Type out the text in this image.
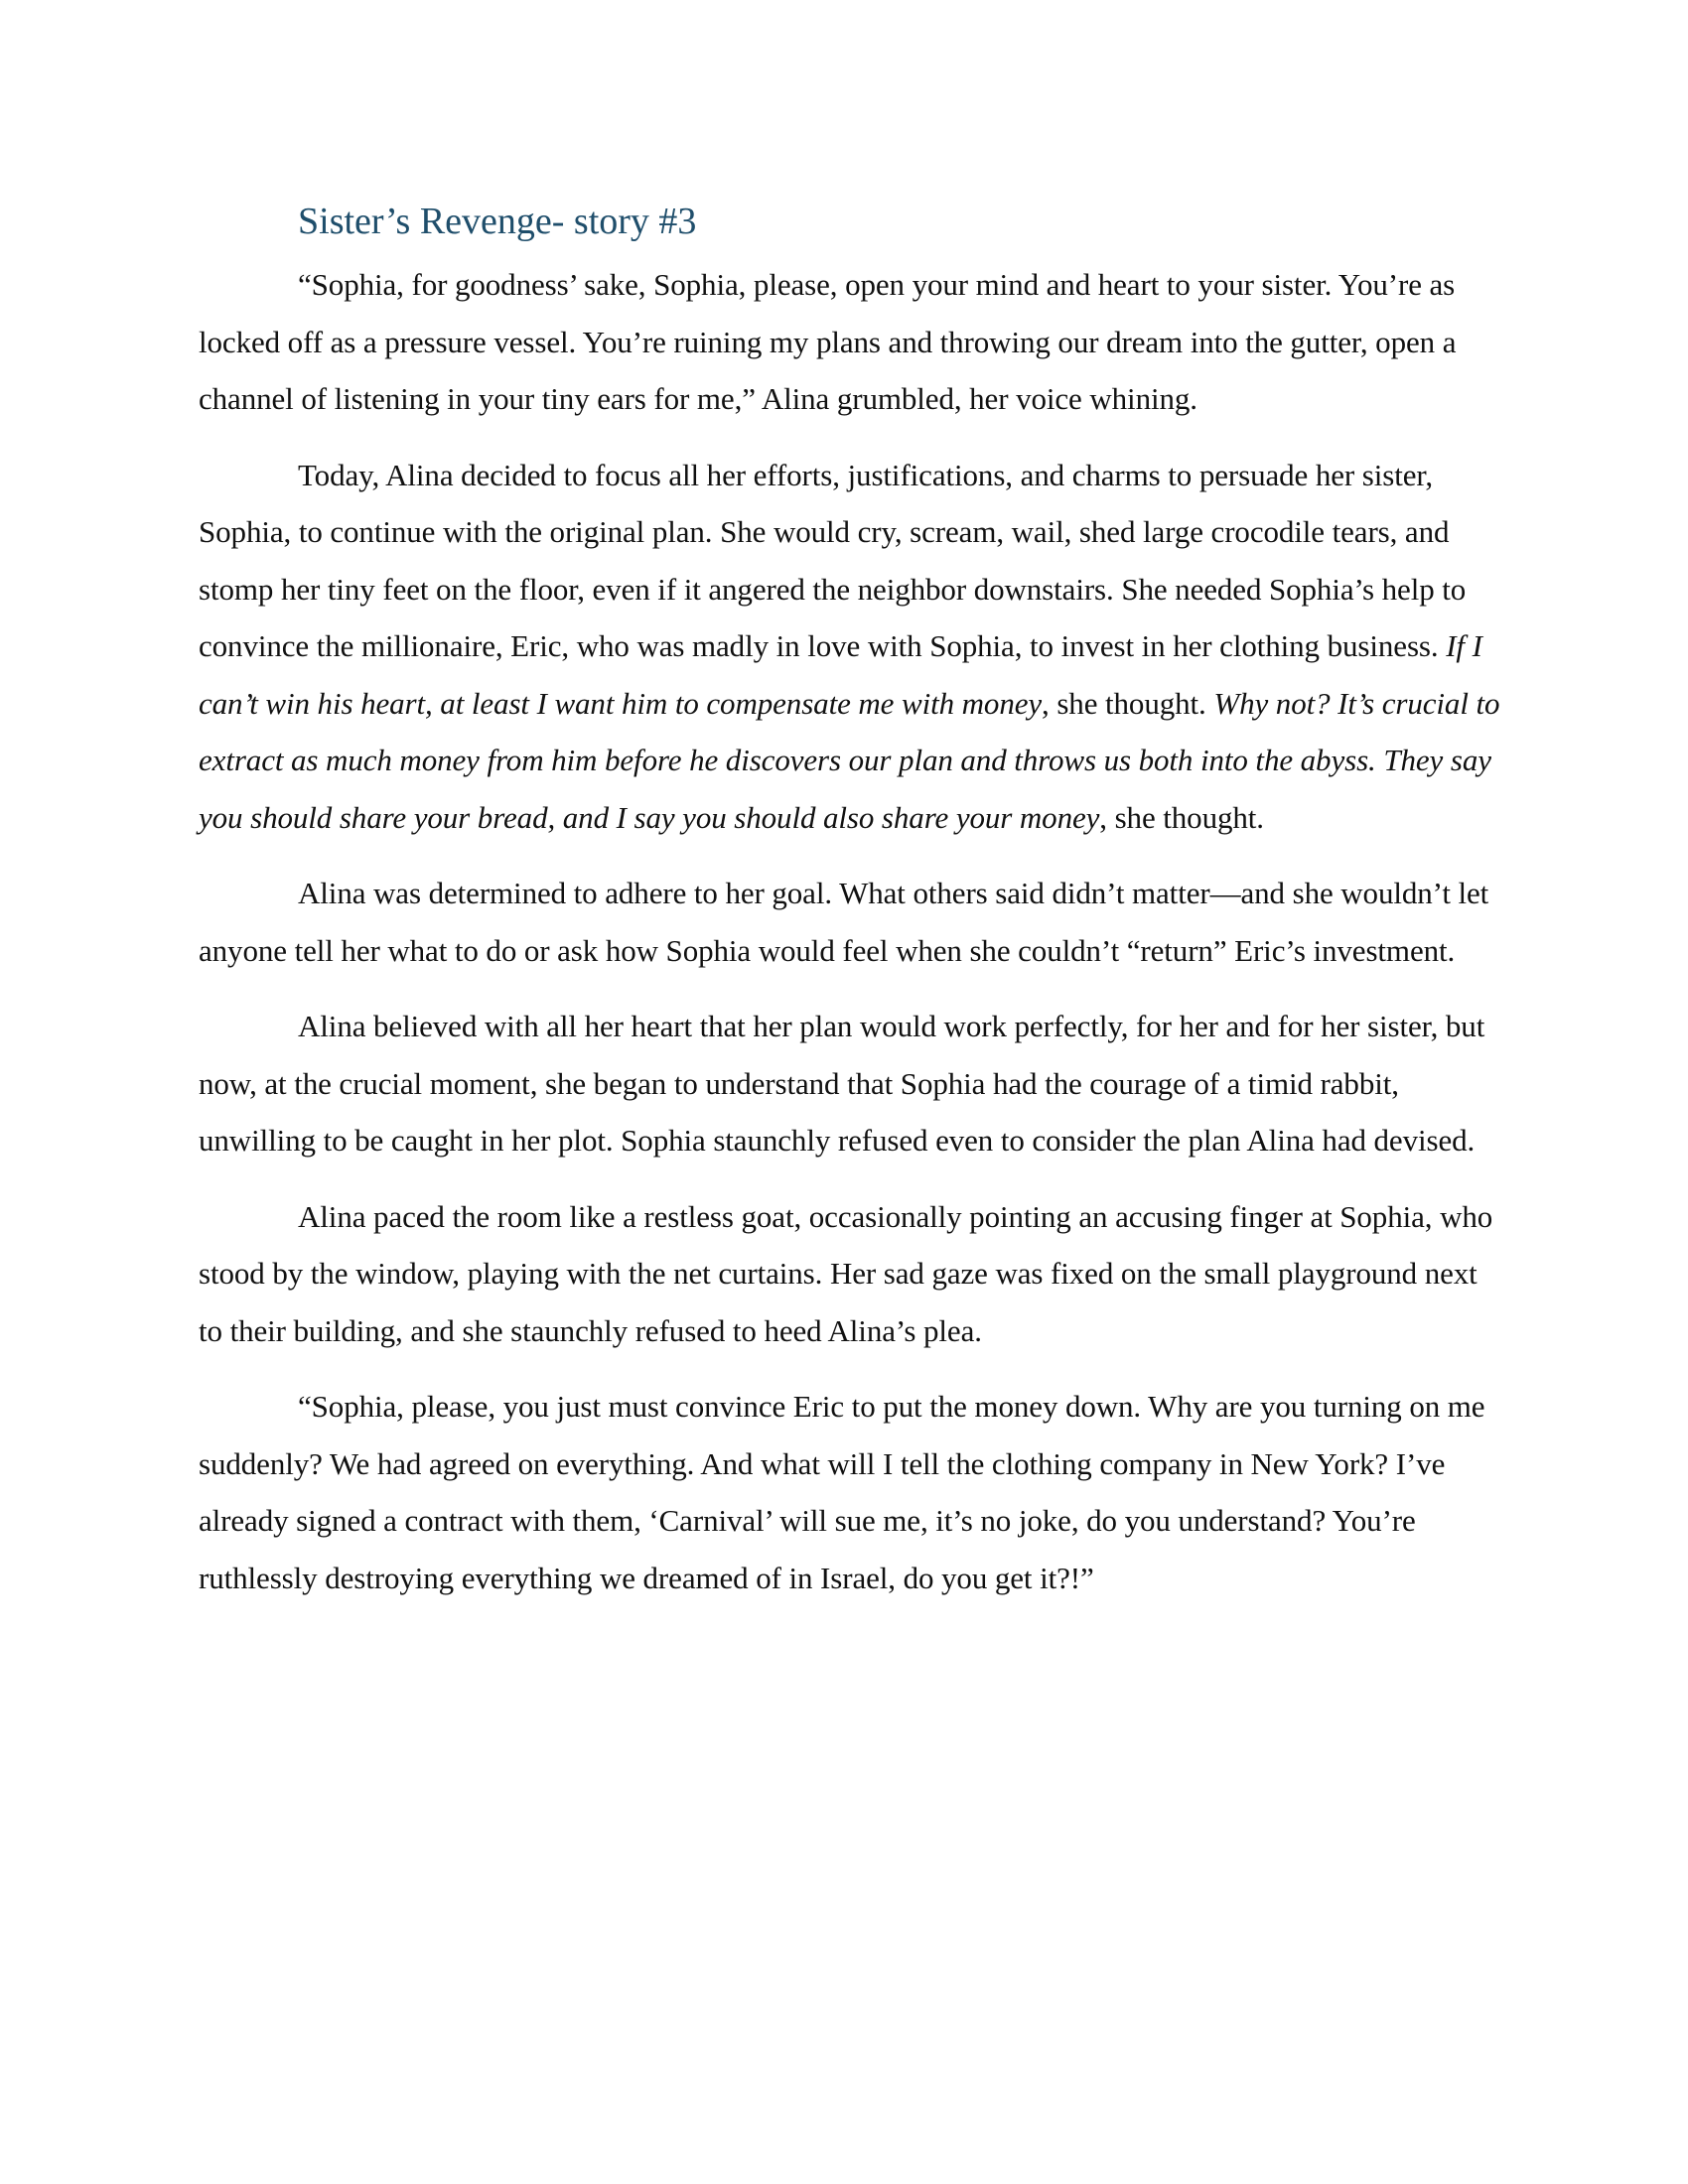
Sister’s Revenge- story #3

“Sophia, for goodness’ sake, Sophia, please, open your mind and heart to your sister. You’re as locked off as a pressure vessel. You’re ruining my plans and throwing our dream into the gutter, open a channel of listening in your tiny ears for me,” Alina grumbled, her voice whining.

Today, Alina decided to focus all her efforts, justifications, and charms to persuade her sister, Sophia, to continue with the original plan. She would cry, scream, wail, shed large crocodile tears, and stomp her tiny feet on the floor, even if it angered the neighbor downstairs. She needed Sophia’s help to convince the millionaire, Eric, who was madly in love with Sophia, to invest in her clothing business. If I can’t win his heart, at least I want him to compensate me with money, she thought. Why not? It’s crucial to extract as much money from him before he discovers our plan and throws us both into the abyss. They say you should share your bread, and I say you should also share your money, she thought.

Alina was determined to adhere to her goal. What others said didn’t matter—and she wouldn’t let anyone tell her what to do or ask how Sophia would feel when she couldn’t “return” Eric’s investment.

Alina believed with all her heart that her plan would work perfectly, for her and for her sister, but now, at the crucial moment, she began to understand that Sophia had the courage of a timid rabbit, unwilling to be caught in her plot. Sophia staunchly refused even to consider the plan Alina had devised.

Alina paced the room like a restless goat, occasionally pointing an accusing finger at Sophia, who stood by the window, playing with the net curtains. Her sad gaze was fixed on the small playground next to their building, and she staunchly refused to heed Alina’s plea.

“Sophia, please, you just must convince Eric to put the money down. Why are you turning on me suddenly? We had agreed on everything. And what will I tell the clothing company in New York? I’ve already signed a contract with them, ‘Carnival’ will sue me, it’s no joke, do you understand? You’re ruthlessly destroying everything we dreamed of in Israel, do you get it?!”
